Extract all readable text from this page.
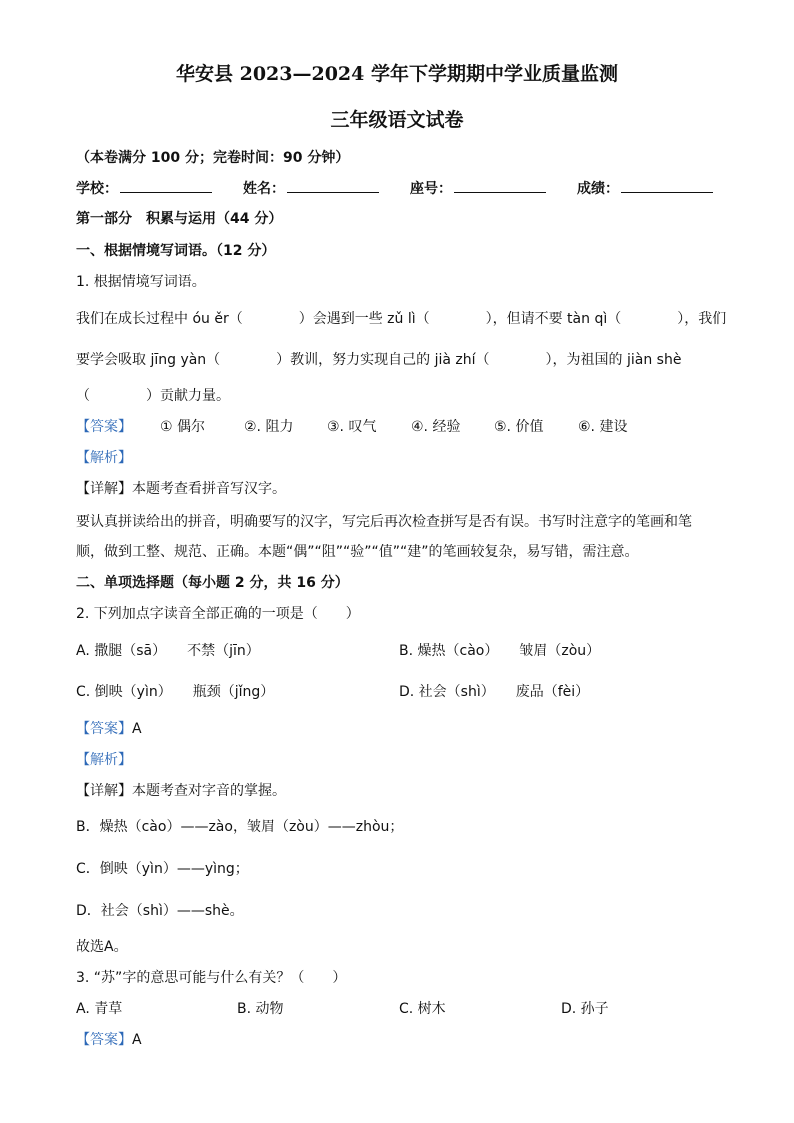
华安县 2023—2024 学年下学期期中学业质量监测
三年级语文试卷
（本卷满分 100 分；完卷时间：90 分钟）
学校：	姓名：	座号：	成绩：
第一部分　积累与运用（44 分）
一、根据情境写词语。（12 分）
1. 根据情境写词语。
我们在成长过程中 óu ěr（　　　　）会遇到一些 zǔ lì（　　　　），但请不要 tàn qì（　　　　），我们
要学会吸取 jīng yàn（　　　　）教训，努力实现自己的 jià zhí（　　　　），为祖国的 jiàn shè
（　　　　）贡献力量。
【答案】 ① 偶尔	②. 阻力 ③. 叹气 ④. 经验 ⑤. 价值 ⑥. 建设
【解析】
【详解】本题考查看拼音写汉字。
要认真拼读给出的拼音，明确要写的汉字，写完后再次检查拼写是否有误。书写时注意字的笔画和笔
顺，做到工整、规范、正确。本题“偶”“阻”“验”“值”“建”的笔画较复杂，易写错，需注意。
二、单项选择题（每小题 2 分，共 16 分）
2. 下列加点字读音全部正确的一项是（　　）
A. 撒腿（sā）　　不禁（jīn）	B. 燥热（cào）　　皱眉（zòu）
C. 倒映（yìn）　　瓶颈（jǐng）	D. 社会（shì）　　废品（fèi）
【答案】A
【解析】
【详解】本题考查对字音的掌握。
B．燥热（cào）——zào，皱眉（zòu）——zhòu；
C．倒映（yìn）——yìng；
D．社会（shì）——shè。
故选A。
3. “苏”字的意思可能与什么有关？（　　）
A. 青草	B. 动物	C. 树木	D. 孙子
【答案】A
